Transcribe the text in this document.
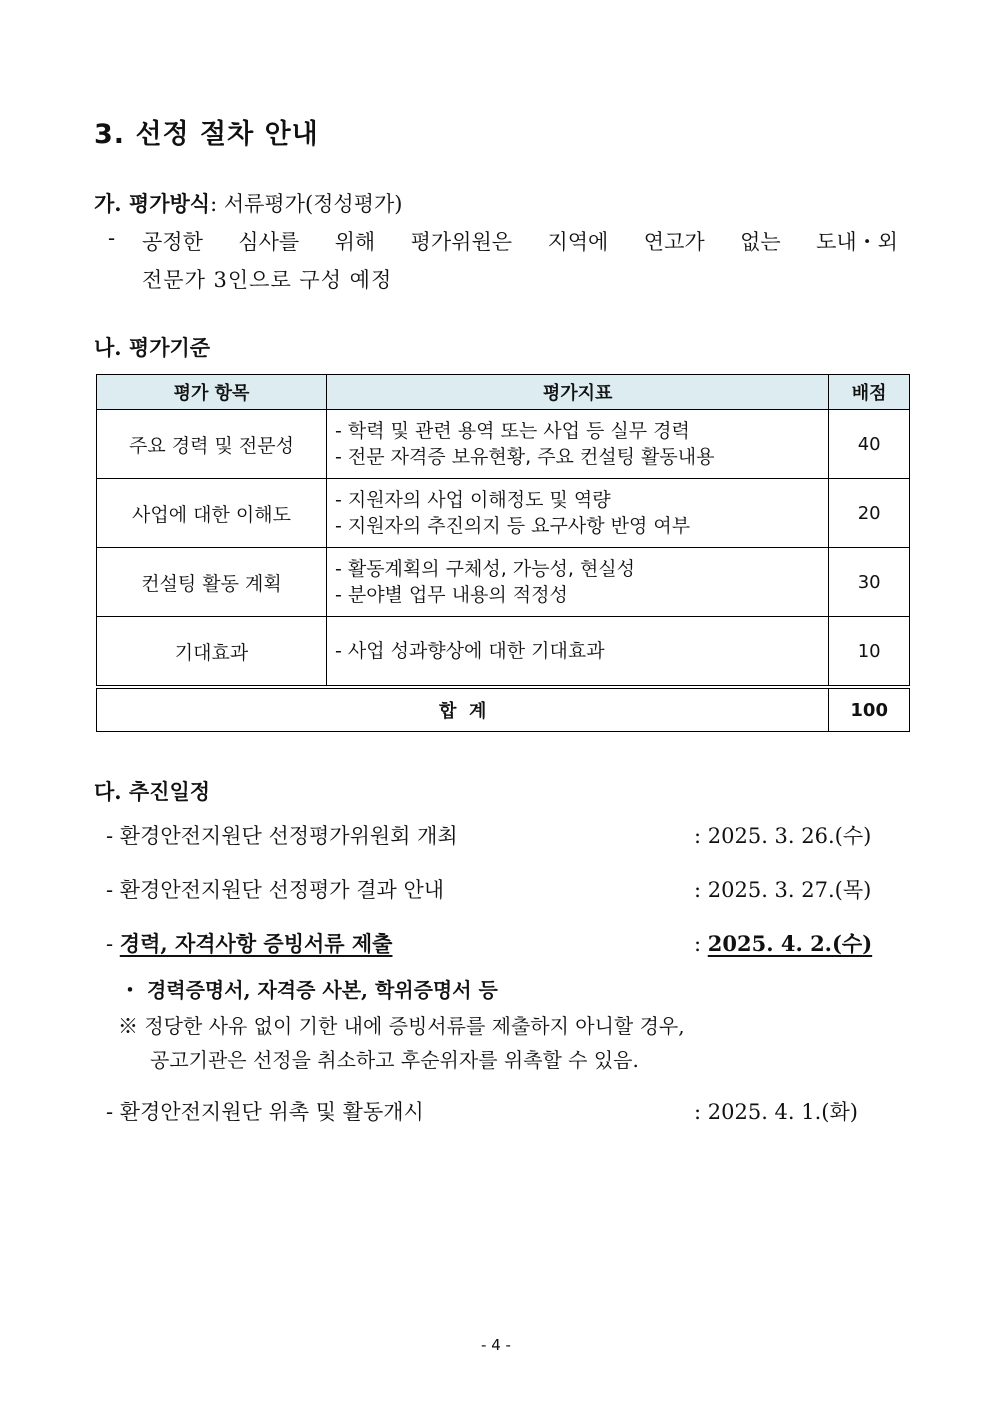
3. 선정 절차 안내
가. 평가방식: 서류평가(정성평가)
-	공정한 심사를 위해 평가위원은 지역에 연고가 없는 도내・외
전문가 3인으로 구성 예정
나. 평가기준
평가 항목	평가지표	배점
주요 경력 및 전문성	- 학력 및 관련 용역 또는 사업 등 실무 경력
- 전문 자격증 보유현황, 주요 컨설팅 활동내용	40
사업에 대한 이해도	- 지원자의 사업 이해정도 및 역량
- 지원자의 추진의지 등 요구사항 반영 여부	20
컨설팅 활동 계획	- 활동계획의 구체성, 가능성, 현실성
- 분야별 업무 내용의 적정성	30
기대효과	- 사업 성과향상에 대한 기대효과	10
합  계		100
다. 추진일정
- 환경안전지원단 선정평가위원회 개최	: 2025. 3. 26.(수)
- 환경안전지원단 선정평가 결과 안내	: 2025. 3. 27.(목)
- 경력, 자격사항 증빙서류 제출	: 2025. 4. 2.(수)
・ 경력증명서, 자격증 사본, 학위증명서 등
※ 정당한 사유 없이 기한 내에 증빙서류를 제출하지 아니할 경우,
공고기관은 선정을 취소하고 후순위자를 위촉할 수 있음.
- 환경안전지원단 위촉 및 활동개시	: 2025. 4. 1.(화)
- 4 -
